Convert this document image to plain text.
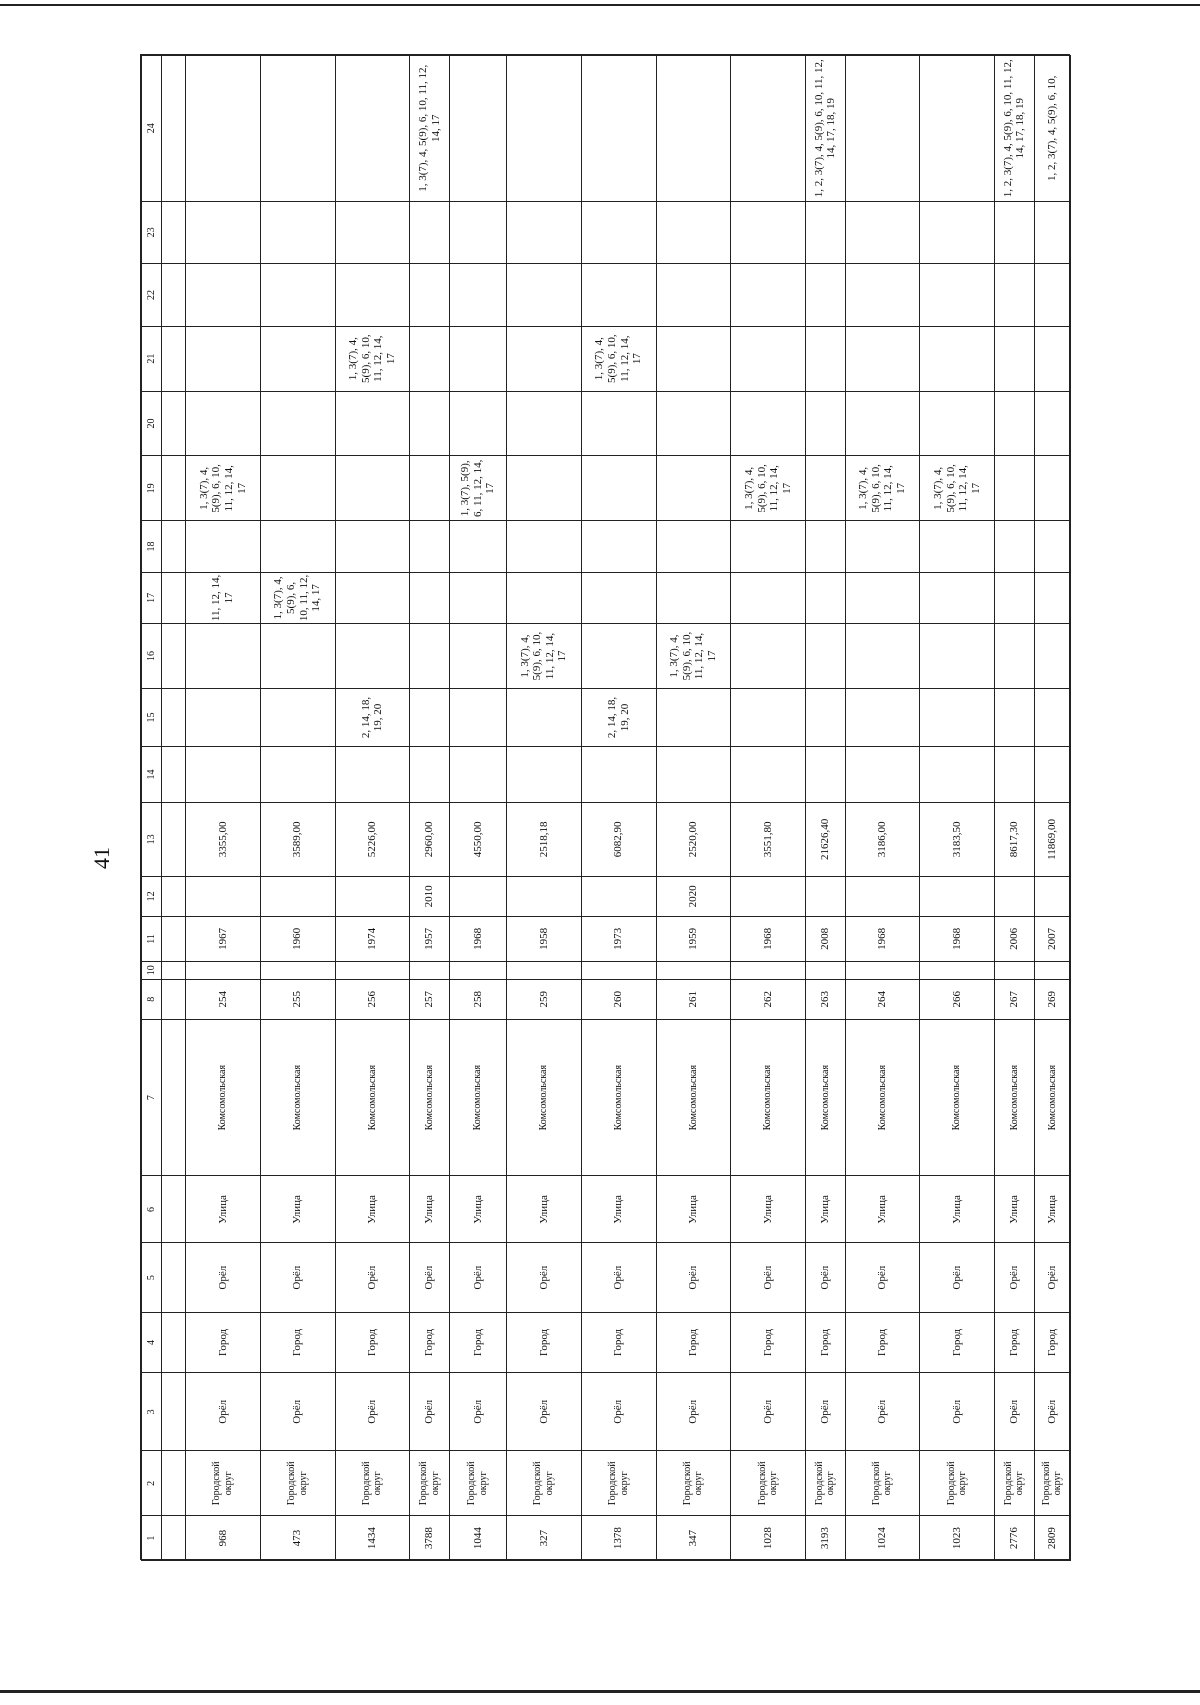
41
1	2	3	4	5	6	7	8	10	11	12	13	14	15	16	17	18	19	20	21	22	23	24

968	Городской округ	Орёл	Город	Орёл	Улица	Комсомольская	254		1967		3355,00				11, 12, 14, 17		1, 3(7), 4, 5(9), 6, 10, 11, 12, 14, 17					
473	Городской округ	Орёл	Город	Орёл	Улица	Комсомольская	255		1960		3589,00				1, 3(7), 4, 5(9), 6, 10, 11, 12, 14, 17							
1434	Городской округ	Орёл	Город	Орёл	Улица	Комсомольская	256		1974		5226,00		2, 14, 18, 19, 20						1, 3(7), 4, 5(9), 6, 10, 11, 12, 14, 17			
3788	Городской округ	Орёл	Город	Орёл	Улица	Комсомольская	257		1957	2010	2960,00											1, 3(7), 4, 5(9), 6, 10, 11, 12, 14, 17
1044	Городской округ	Орёл	Город	Орёл	Улица	Комсомольская	258		1968		4550,00						1, 3(7), 5(9), 6, 11, 12, 14, 17					
327	Городской округ	Орёл	Город	Орёл	Улица	Комсомольская	259		1958		2518,18			1, 3(7), 4, 5(9), 6, 10, 11, 12, 14, 17								
1378	Городской округ	Орёл	Город	Орёл	Улица	Комсомольская	260		1973		6082,90		2, 14, 18, 19, 20						1, 3(7), 4, 5(9), 6, 10, 11, 12, 14, 17			
347	Городской округ	Орёл	Город	Орёл	Улица	Комсомольская	261		1959	2020	2520,00			1, 3(7), 4, 5(9), 6, 10, 11, 12, 14, 17								
1028	Городской округ	Орёл	Город	Орёл	Улица	Комсомольская	262		1968		3551,80						1, 3(7), 4, 5(9), 6, 10, 11, 12, 14, 17					
3193	Городской округ	Орёл	Город	Орёл	Улица	Комсомольская	263		2008		21626,40											1, 2, 3(7), 4, 5(9), 6, 10, 11, 12, 14, 17, 18, 19
1024	Городской округ	Орёл	Город	Орёл	Улица	Комсомольская	264		1968		3186,00						1, 3(7), 4, 5(9), 6, 10, 11, 12, 14, 17					
1023	Городской округ	Орёл	Город	Орёл	Улица	Комсомольская	266		1968		3183,50						1, 3(7), 4, 5(9), 6, 10, 11, 12, 14, 17					
2776	Городской округ	Орёл	Город	Орёл	Улица	Комсомольская	267		2006		8617,30											1, 2, 3(7), 4, 5(9), 6, 10, 11, 12, 14, 17, 18, 19
2809	Городской округ	Орёл	Город	Орёл	Улица	Комсомольская	269		2007		11869,00											1, 2, 3(7), 4, 5(9), 6, 10,
